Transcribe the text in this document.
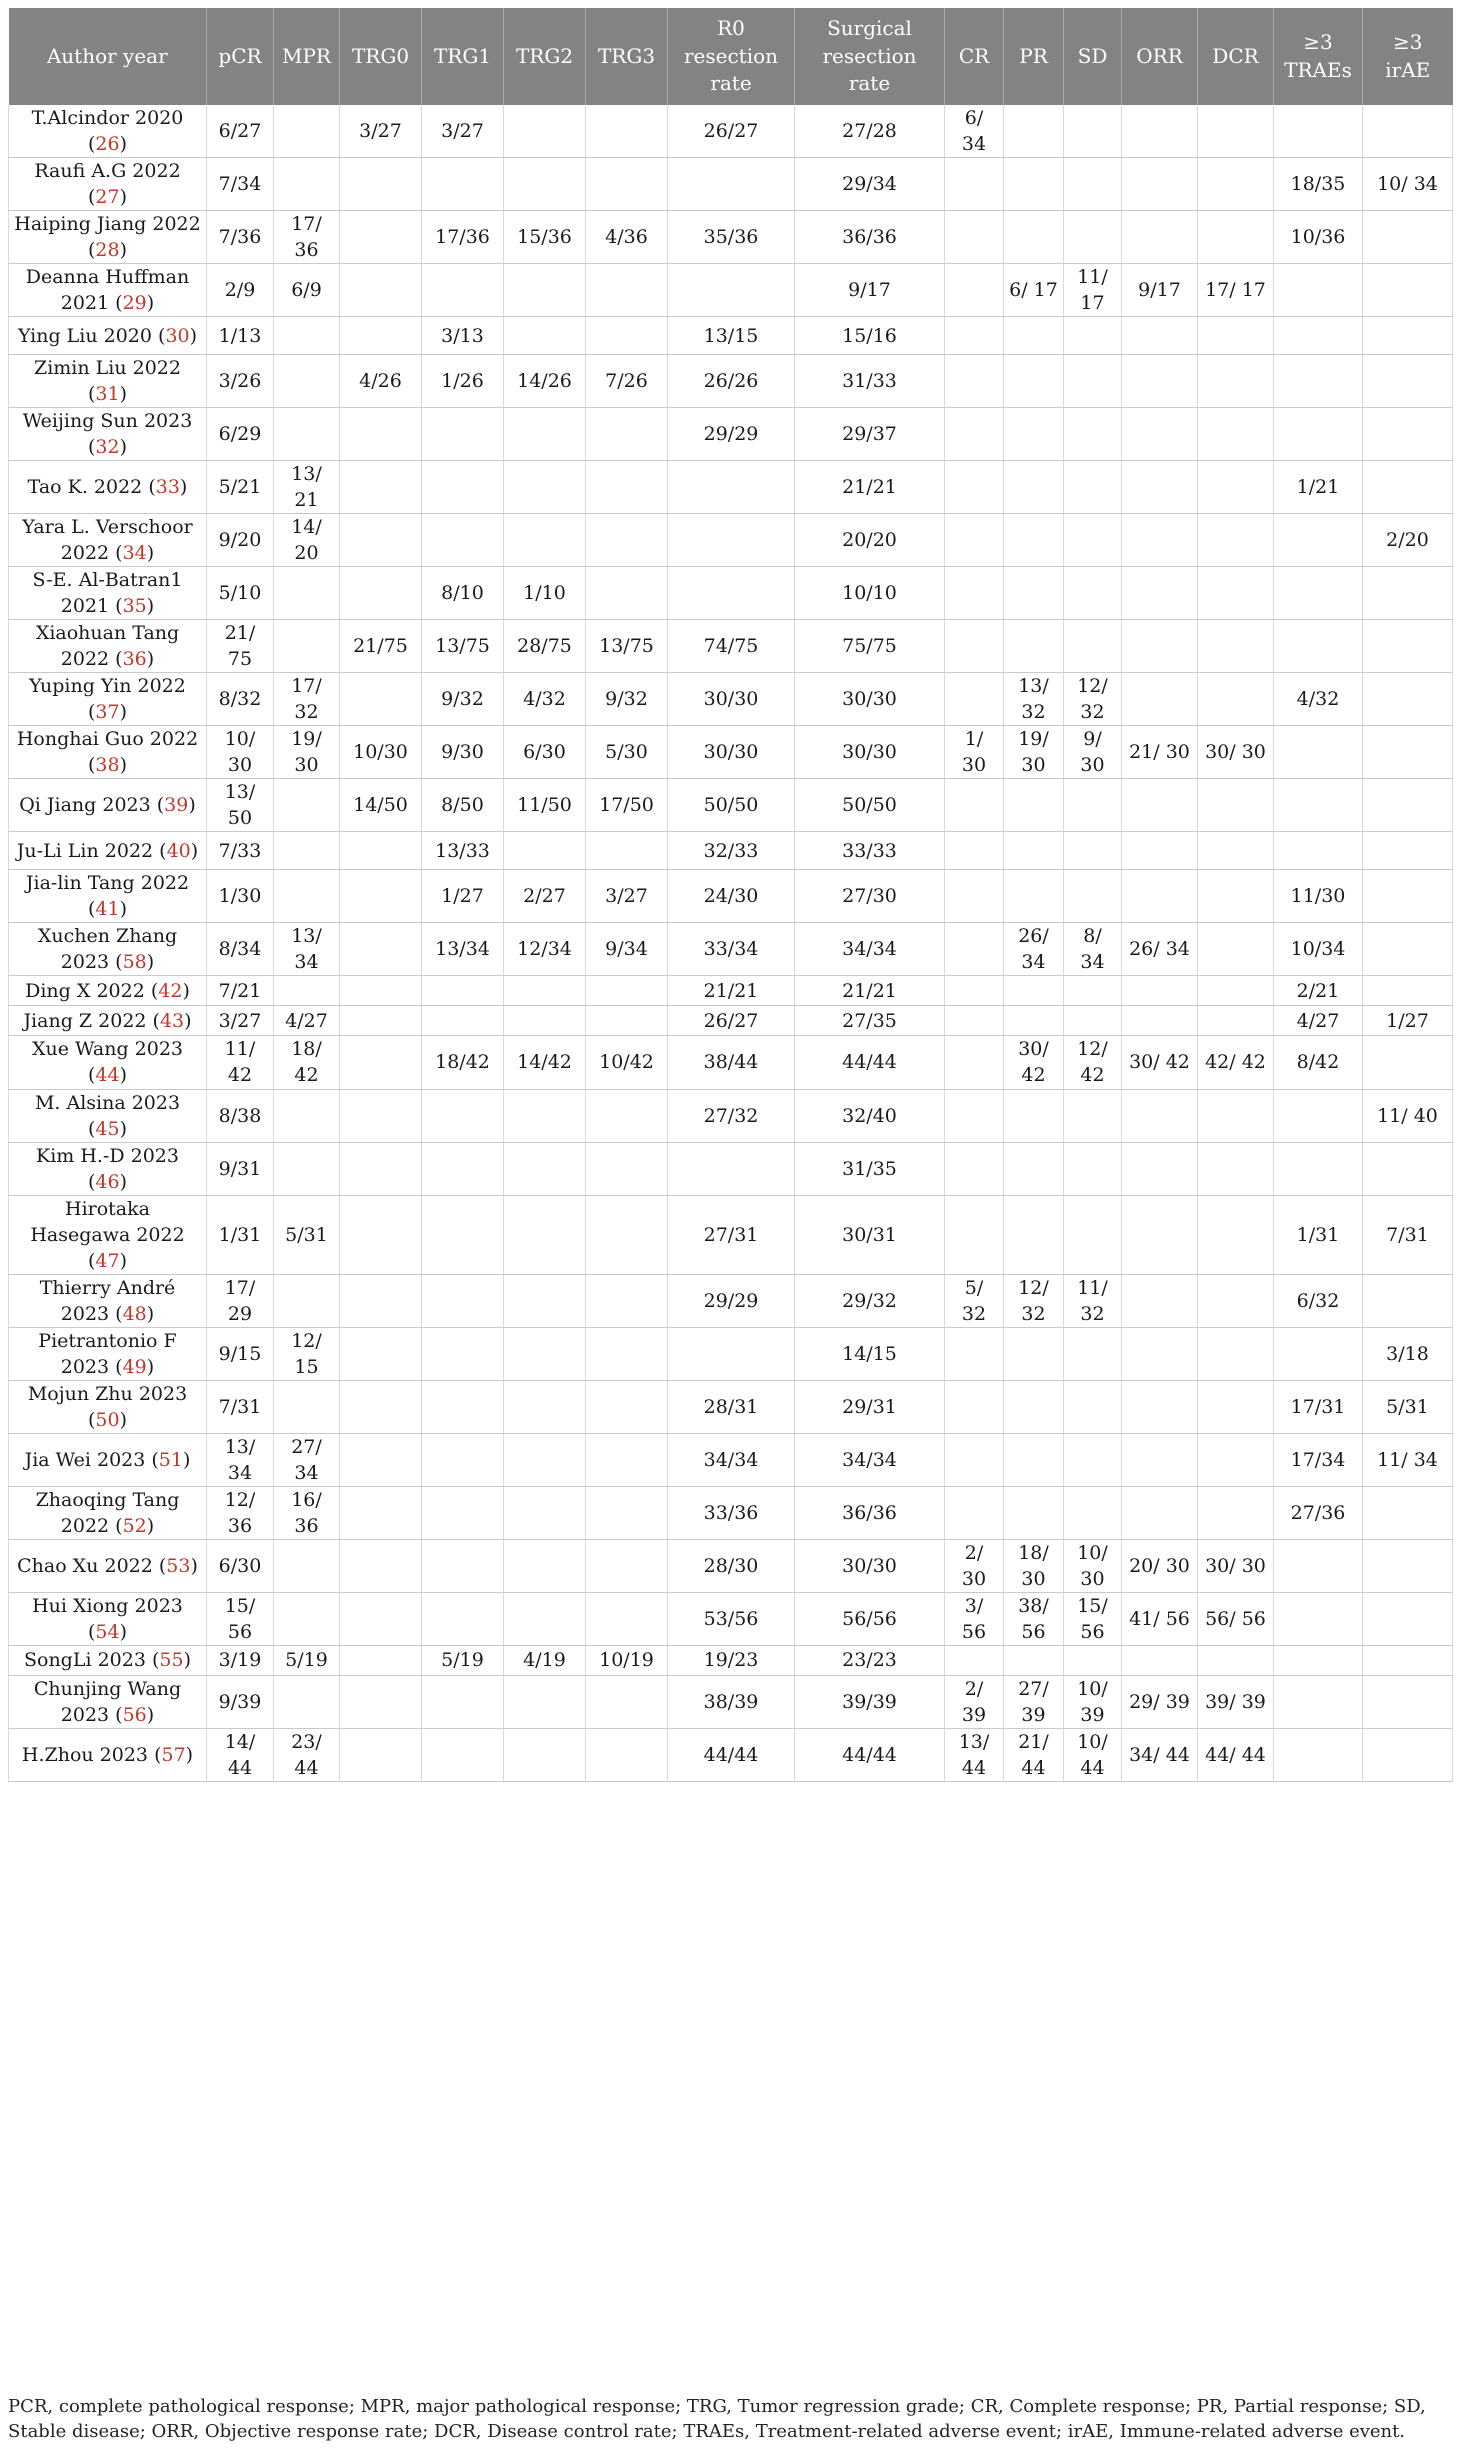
Author year	pCR	MPR	TRG0	TRG1	TRG2	TRG3	R0 resection rate	Surgical resection rate	CR	PR	SD	ORR	DCR	≥3 TRAEs	≥3 irAE
T.Alcindor 2020 (26)	6/27		3/27	3/27			26/27	27/28	6/ 34						
Raufi A.G 2022 (27)	7/34							29/34						18/35	10/ 34
Haiping Jiang 2022 (28)	7/36	17/ 36		17/36	15/36	4/36	35/36	36/36						10/36	
Deanna Huffman 2021 (29)	2/9	6/9						9/17		6/ 17	11/ 17	9/17	17/ 17		
Ying Liu 2020 (30)	1/13			3/13			13/15	15/16							
Zimin Liu 2022 (31)	3/26		4/26	1/26	14/26	7/26	26/26	31/33							
Weijing Sun 2023 (32)	6/29						29/29	29/37							
Tao K. 2022 (33)	5/21	13/ 21						21/21						1/21	
Yara L. Verschoor 2022 (34)	9/20	14/ 20						20/20							2/20
S-E. Al-Batran1 2021 (35)	5/10			8/10	1/10			10/10							
Xiaohuan Tang 2022 (36)	21/ 75		21/75	13/75	28/75	13/75	74/75	75/75							
Yuping Yin 2022 (37)	8/32	17/ 32		9/32	4/32	9/32	30/30	30/30		13/ 32	12/ 32			4/32	
Honghai Guo 2022 (38)	10/ 30	19/ 30	10/30	9/30	6/30	5/30	30/30	30/30	1/ 30	19/ 30	9/ 30	21/ 30	30/ 30		
Qi Jiang 2023 (39)	13/ 50		14/50	8/50	11/50	17/50	50/50	50/50							
Ju-Li Lin 2022 (40)	7/33			13/33			32/33	33/33							
Jia-lin Tang 2022 (41)	1/30			1/27	2/27	3/27	24/30	27/30						11/30	
Xuchen Zhang 2023 (58)	8/34	13/ 34		13/34	12/34	9/34	33/34	34/34		26/ 34	8/ 34	26/ 34		10/34	
Ding X 2022 (42)	7/21						21/21	21/21						2/21	
Jiang Z 2022 (43)	3/27	4/27					26/27	27/35						4/27	1/27
Xue Wang 2023 (44)	11/ 42	18/ 42		18/42	14/42	10/42	38/44	44/44		30/ 42	12/ 42	30/ 42	42/ 42	8/42	
M. Alsina 2023 (45)	8/38						27/32	32/40							11/ 40
Kim H.-D 2023 (46)	9/31							31/35							
Hirotaka Hasegawa 2022 (47)	1/31	5/31					27/31	30/31						1/31	7/31
Thierry André 2023 (48)	17/ 29						29/29	29/32	5/ 32	12/ 32	11/ 32			6/32	
Pietrantonio F 2023 (49)	9/15	12/ 15						14/15							3/18
Mojun Zhu 2023 (50)	7/31						28/31	29/31						17/31	5/31
Jia Wei 2023 (51)	13/ 34	27/ 34					34/34	34/34						17/34	11/ 34
Zhaoqing Tang 2022 (52)	12/ 36	16/ 36					33/36	36/36						27/36	
Chao Xu 2022 (53)	6/30						28/30	30/30	2/ 30	18/ 30	10/ 30	20/ 30	30/ 30		
Hui Xiong 2023 (54)	15/ 56						53/56	56/56	3/ 56	38/ 56	15/ 56	41/ 56	56/ 56		
SongLi 2023 (55)	3/19	5/19		5/19	4/19	10/19	19/23	23/23							
Chunjing Wang 2023 (56)	9/39						38/39	39/39	2/ 39	27/ 39	10/ 39	29/ 39	39/ 39		
H.Zhou 2023 (57)	14/ 44	23/ 44					44/44	44/44	13/ 44	21/ 44	10/ 44	34/ 44	44/ 44		
PCR, complete pathological response; MPR, major pathological response; TRG, Tumor regression grade; CR, Complete response; PR, Partial response; SD, Stable disease; ORR, Objective response rate; DCR, Disease control rate; TRAEs, Treatment-related adverse event; irAE, Immune-related adverse event.
